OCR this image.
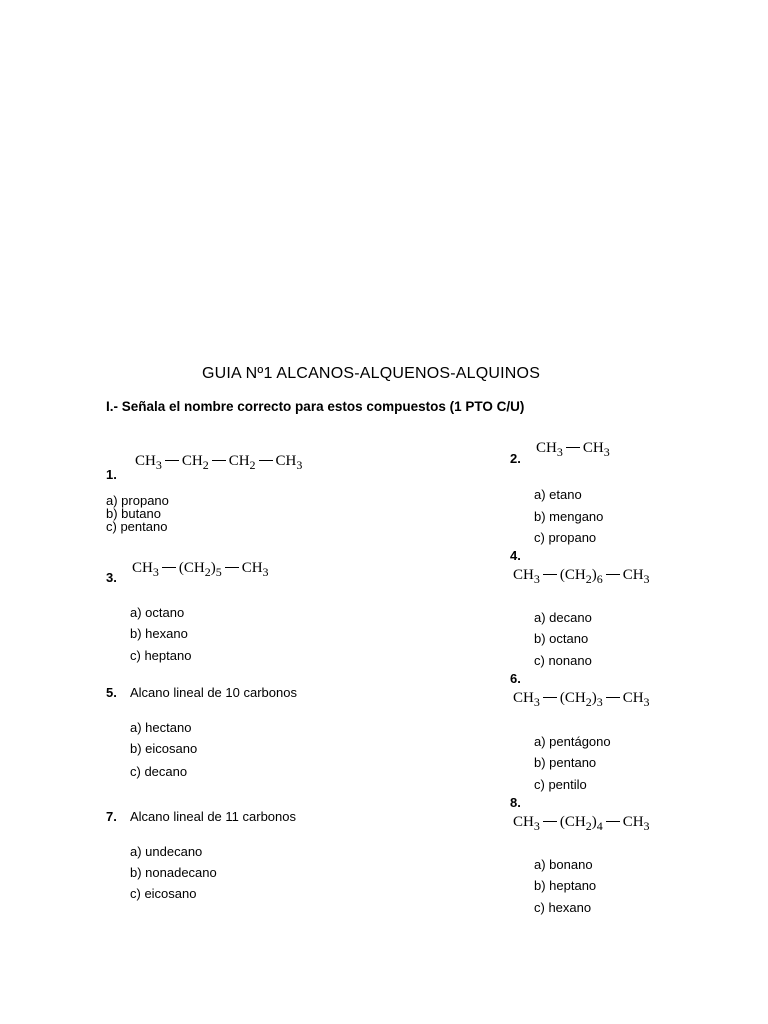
GUIA Nº1 ALCANOS-ALQUENOS-ALQUINOS
I.- Señala el nombre correcto para estos compuestos (1 PTO C/U)
$CH_3$ $CH_2$ $CH_2$ $CH_3$
1.
a) propano
b) butano
c) pentano
$CH_3$ $(CH_2)_5$ $CH_3$
3.
a) octano
b) hexano
c) heptano
5. Alcano lineal de 10 carbonos
a) hectano
b) eicosano
c) decano
7. Alcano lineal de 11 carbonos
a) undecano
b) nonadecano
c) eicosano
$CH_3$ $CH_3$
2.
a) etano
b) mengano
c) propano
4.
$CH_3$ $(CH_2)_6$ $CH_3$
a) decano
b) octano
c) nonano
6.
$CH_3$ $(CH_2)_3$ $CH_3$
a) pentágono
b) pentano
c) pentilo
8.
$CH_3$ $(CH_2)_4$ $CH_3$
a) bonano
b) heptano
c) hexano
